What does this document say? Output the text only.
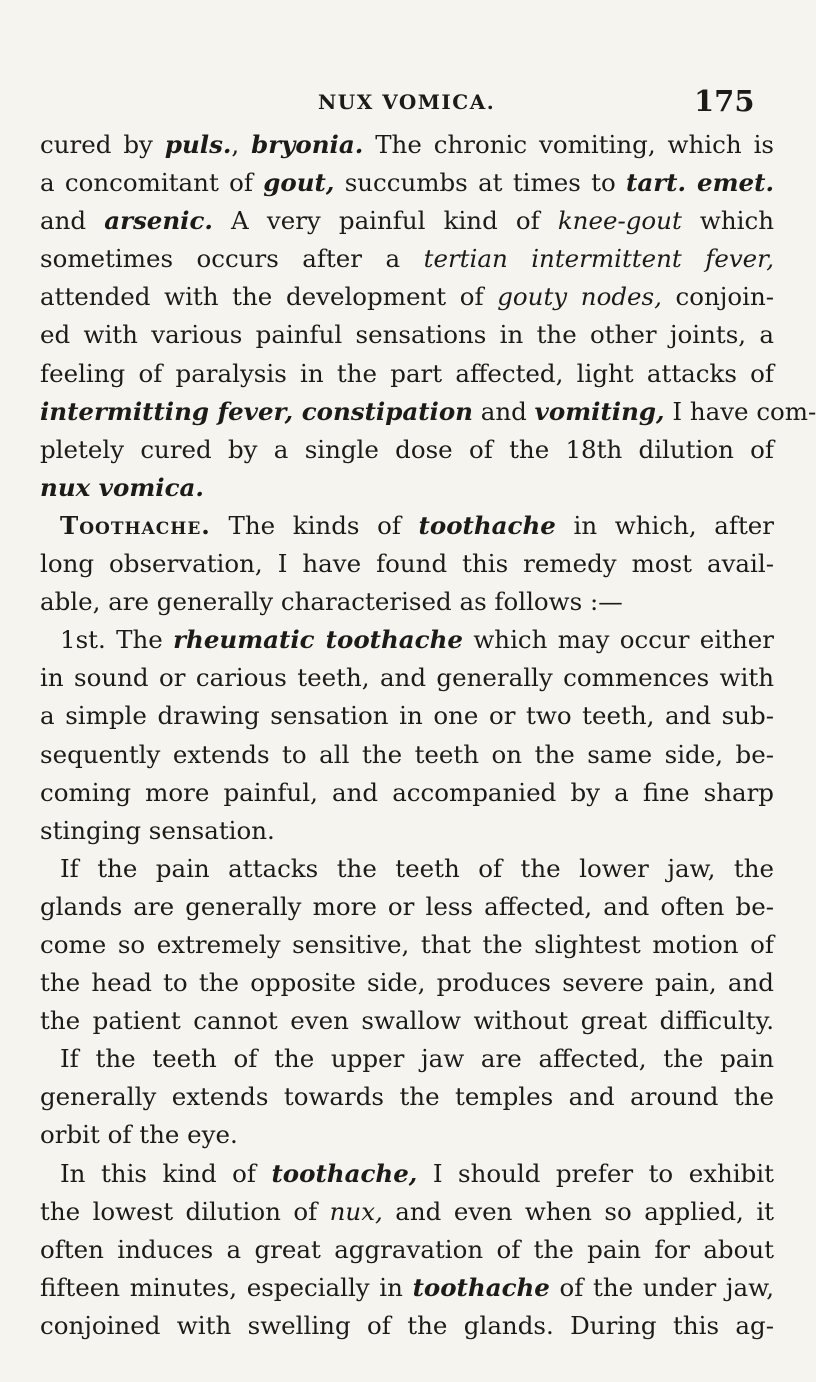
NUX VOMICA.	175
cured by puls., bryonia. The chronic vomiting, which is
a concomitant of gout, succumbs at times to tart. emet.
and arsenic. A very painful kind of knee-gout which
sometimes occurs after a tertian intermittent fever,
attended with the development of gouty nodes, conjoin-
ed with various painful sensations in the other joints, a
feeling of paralysis in the part affected, light attacks of
intermitting fever, constipation and vomiting, I have com-
pletely cured by a single dose of the 18th dilution of
nux vomica.
Toothache. The kinds of toothache in which, after
long observation, I have found this remedy most avail-
able, are generally characterised as follows :—
1st. The rheumatic toothache which may occur either
in sound or carious teeth, and generally commences with
a simple drawing sensation in one or two teeth, and sub-
sequently extends to all the teeth on the same side, be-
coming more painful, and accompanied by a fine sharp
stinging sensation.
If the pain attacks the teeth of the lower jaw, the
glands are generally more or less affected, and often be-
come so extremely sensitive, that the slightest motion of
the head to the opposite side, produces severe pain, and
the patient cannot even swallow without great difficulty.
If the teeth of the upper jaw are affected, the pain
generally extends towards the temples and around the
orbit of the eye.
In this kind of toothache, I should prefer to exhibit
the lowest dilution of nux, and even when so applied, it
often induces a great aggravation of the pain for about
fifteen minutes, especially in toothache of the under jaw,
conjoined with swelling of the glands. During this ag-
